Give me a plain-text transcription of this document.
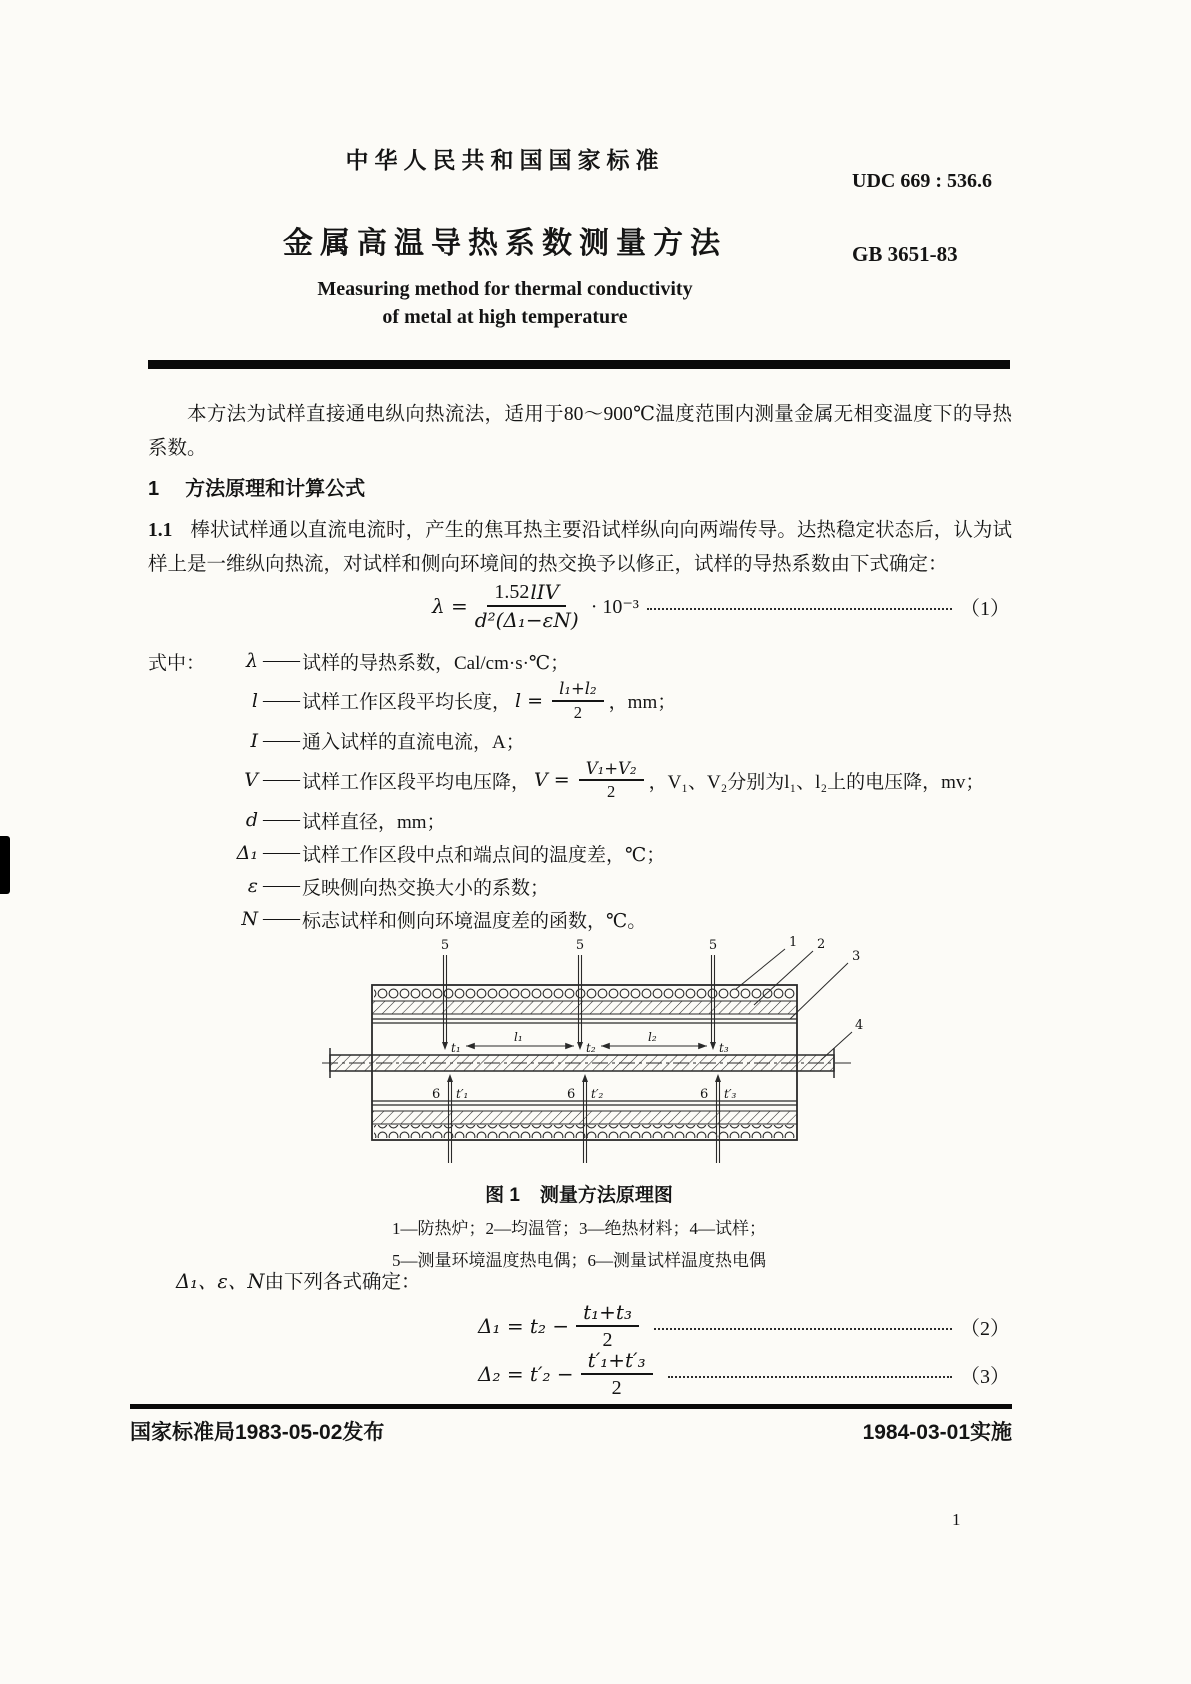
中华人民共和国国家标准
UDC 669 : 536.6
金属高温导热系数测量方法	GB 3651-83
Measuring method for thermal conductivity
of metal at high temperature

本方法为试样直接通电纵向热流法，适用于80～900℃温度范围内测量金属无相变温度下的导热系数。

1 方法原理和计算公式

1.1 棒状试样通以直流电流时，产生的焦耳热主要沿试样纵向向两端传导。达热稳定状态后，认为试样上是一维纵向热流，对试样和侧向环境间的热交换予以修正，试样的导热系数由下式确定：

$\lambda = \frac{\text{1.52 lIV}}{\text{d²(Δ₁−εN)}} \cdot 10^{-3}$	（1）
式中：	λ —— 试样的导热系数，Cal/cm·s·℃；
l —— 试样工作区段平均长度， $l = \frac{\text{l₁+l₂}}{2}$ ，mm；
I —— 通入试样的直流电流，A；
V —— 试样工作区段平均电压降， $V = \frac{\text{V₁+V₂}}{2}$ ，V₁、V₂分别为l₁、l₂上的电压降，mv；
d —— 试样直径，mm；
Δ₁ —— 试样工作区段中点和端点间的温度差，℃；
ε —— 反映侧向热交换大小的系数；
N —— 标志试样和侧向环境温度差的函数，℃。
5	5	5
t₁
l₁
t₂
l₂
t₃
6 t′₁	6 t′₂	6 t′₃
1 2
3
4
图 1 测量方法原理图
1—防热炉；2—均温管；3—绝热材料；4—试样；
5—测量环境温度热电偶；6—测量试样温度热电偶

Δ₁、ε、N由下列各式确定：

$\Delta_1 = t_2 - \frac{\text{t₁+t₃}}{2}$	（2）
$\Delta_2 = t'_2 - \frac{\text{t′₁+t′₃}}{2}$	（3）
国家标准局1983-05-02发布	1984-03-01实施
1
